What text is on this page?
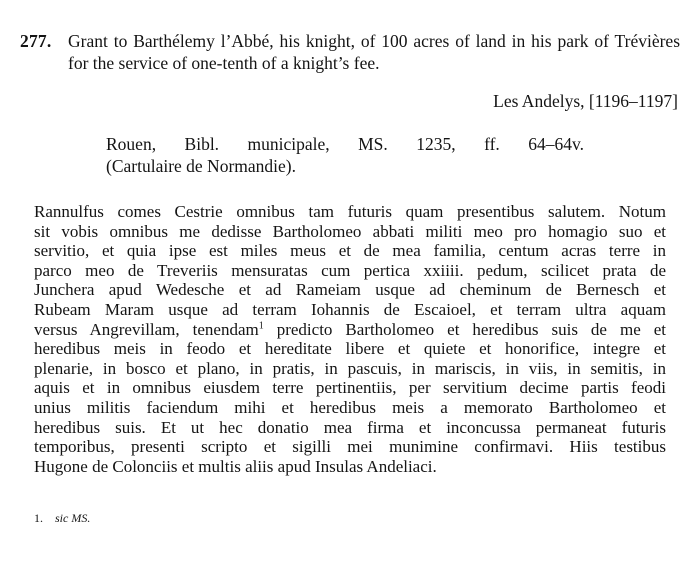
277. Grant to Barthélemy l’Abbé, his knight, of 100 acres of land in his park of Trévières for the service of one-tenth of a knight’s fee.
Les Andelys, [1196–1197]
Rouen, Bibl. municipale, MS. 1235, ff. 64–64v.
(Cartulaire de Normandie).
Rannulfus comes Cestrie omnibus tam futuris quam presentibus salutem. Notum
sit vobis omnibus me dedisse Bartholomeo abbati militi meo pro homagio suo et
servitio, et quia ipse est miles meus et de mea familia, centum acras terre in
parco meo de Treveriis mensuratas cum pertica xxiiii. pedum, scilicet prata de
Junchera apud Wedesche et ad Rameiam usque ad cheminum de Bernesch et
Rubeam Maram usque ad terram Iohannis de Escaioel, et terram ultra aquam
versus Angrevillam, tenendam$^1$ predicto Bartholomeo et heredibus suis de me et
heredibus meis in feodo et hereditate libere et quiete et honorifice, integre et
plenarie, in bosco et plano, in pratis, in pascuis, in mariscis, in viis, in semitis, in
aquis et in omnibus eiusdem terre pertinentiis, per servitium decime partis feodi
unius militis faciendum mihi et heredibus meis a memorato Bartholomeo et
heredibus suis. Et ut hec donatio mea firma et inconcussa permaneat futuris
temporibus, presenti scripto et sigilli mei munimine confirmavi. Hiis testibus
Hugone de Colonciis et multis aliis apud Insulas Andeliaci.
1. sic MS.
